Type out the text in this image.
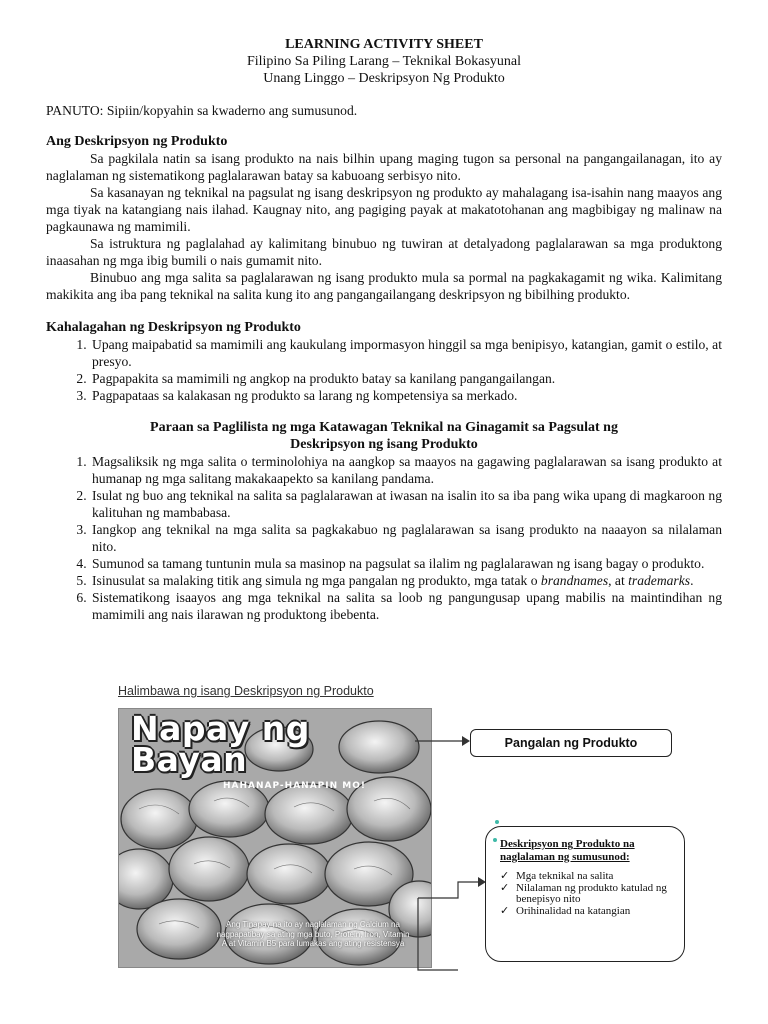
LEARNING ACTIVITY SHEET
Filipino Sa Piling Larang – Teknikal Bokasyunal
Unang Linggo – Deskripsyon Ng Produkto
PANUTO: Sipiin/kopyahin sa kwaderno ang sumusunod.
Ang Deskripsyon ng Produkto

Sa pagkilala natin sa isang produkto na nais bilhin upang maging tugon sa personal na pangangailanagan, ito ay naglalaman ng sistematikong paglalarawan batay sa kabuoang serbisyo nito.

Sa kasanayan ng teknikal na pagsulat ng isang deskripsyon ng produkto ay mahalagang isa-isahin nang maayos ang mga tiyak na katangiang nais ilahad. Kaugnay nito, ang pagiging payak at makatotohanan ang magbibigay ng malinaw na pagkaunawa ng mamimili.

Sa istruktura ng paglalahad ay kalimitang binubuo ng tuwiran at detalyadong paglalarawan sa mga produktong inaasahan ng mga ibig bumili o nais gumamit nito.

Binubuo ang mga salita sa paglalarawan ng isang produkto mula sa pormal na pagkakagamit ng wika. Kalimitang makikita ang iba pang teknikal na salita kung ito ang pangangailangang deskripsyon ng bibilhing produkto.

Kahalagahan ng Deskripsyon ng Produkto
1. Upang maipabatid sa mamimili ang kaukulang impormasyon hinggil sa mga benipisyo, katangian, gamit o estilo, at presyo.
2. Pagpapakita sa mamimili ng angkop na produkto batay sa kanilang pangangailangan.
3. Pagpapataas sa kalakasan ng produkto sa larang ng kompetensiya sa merkado.
Paraan sa Paglilista ng mga Katawagan Teknikal na Ginagamit sa Pagsulat ng
Deskripsyon ng isang Produkto
1. Magsaliksik ng mga salita o terminolohiya na aangkop sa maayos na gagawing paglalarawan sa isang produkto at humanap ng mga salitang makakaapekto sa kanilang pandama.
2. Isulat ng buo ang teknikal na salita sa paglalarawan at iwasan na isalin ito sa iba pang wika upang di magkaroon ng kalituhan ng mambabasa.
3. Iangkop ang teknikal na mga salita sa pagkakabuo ng paglalarawan sa isang produkto na naaayon sa nilalaman nito.
4. Sumunod sa tamang tuntunin mula sa masinop na pagsulat sa ilalim ng paglalarawan ng isang bagay o produkto.
5. Isinusulat sa malaking titik ang simula ng mga pangalan ng produkto, mga tatak o brandnames, at trademarks.
6. Sistematikong isaayos ang mga teknikal na salita sa loob ng pangungusap upang mabilis na maintindihan ng mamimili ang nais ilarawan ng produktong ibebenta.
Halimbawa ng isang Deskripsyon ng Produkto
Napay ng
Bayan
HAHANAP-HANAPIN MO!
Ang Tinapay na ito ay naglalaman ng Calcium na nagpapatibay sa ating mga buto, Protein, Iron, Vitamin A at Vitamin B5 para lumakas ang ating resistensya
Pangalan ng Produkto
Deskripsyon ng Produkto na naglalaman ng sumusunod:
✓ Mga teknikal na salita
✓ Nilalaman ng produkto katulad ng benepisyo nito
✓ Orihinalidad na katangian
